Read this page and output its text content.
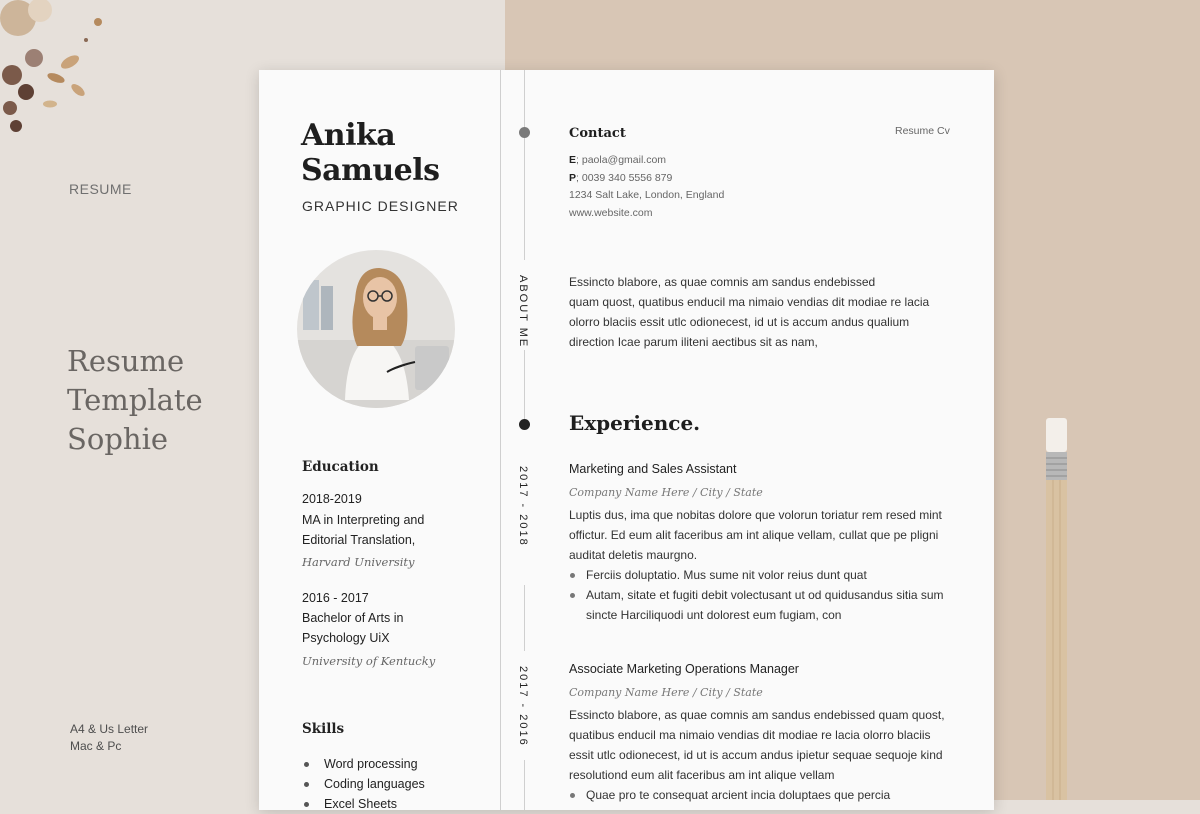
RESUME
Resume
Template
Sophie
A4 & Us Letter
Mac & Pc
Anika
Samuels
GRAPHIC DESIGNER
Education
2018-2019
MA in Interpreting and
Editorial Translation,
Harvard University
2016 - 2017
Bachelor of Arts in
Psychology UiX
University of Kentucky
Skills
Word processing
Coding languages
Excel Sheets
ABOUT ME
2017 - 2018
2017 - 2016
Contact	Resume Cv
E; paola@gmail.com
P; 0039 340 5556 879
1234 Salt Lake, London, England
www.website.com
Essincto blabore, as quae comnis am sandus endebissed
quam quost, quatibus enducil ma nimaio vendias dit modiae re lacia
olorro blaciis essit utlc odionecest, id ut is accum andus qualium
direction Icae parum iliteni aectibus sit as nam,
Experience.
Marketing and Sales Assistant
Company Name Here / City / State
Luptis dus, ima que nobitas dolore que volorun toriatur rem resed mint
offictur. Ed eum alit faceribus am int alique vellam, cullat que pe pligni
auditat deletis maurgno.
Ferciis doluptatio. Mus sume nit volor reius dunt quat
Autam, sitate et fugiti debit volectusant ut od quidusandus sitia sum
sincte Harciliquodi unt dolorest eum fugiam, con
Associate Marketing Operations Manager
Company Name Here / City / State
Essincto blabore, as quae comnis am sandus endebissed quam quost,
quatibus enducil ma nimaio vendias dit modiae re lacia olorro blaciis
essit utlc odionecest, id ut is accum andus ipietur sequae sequoje kind
resolutiond eum alit faceribus am int alique vellam
Quae pro te consequat arcient incia doluptaes que percia
